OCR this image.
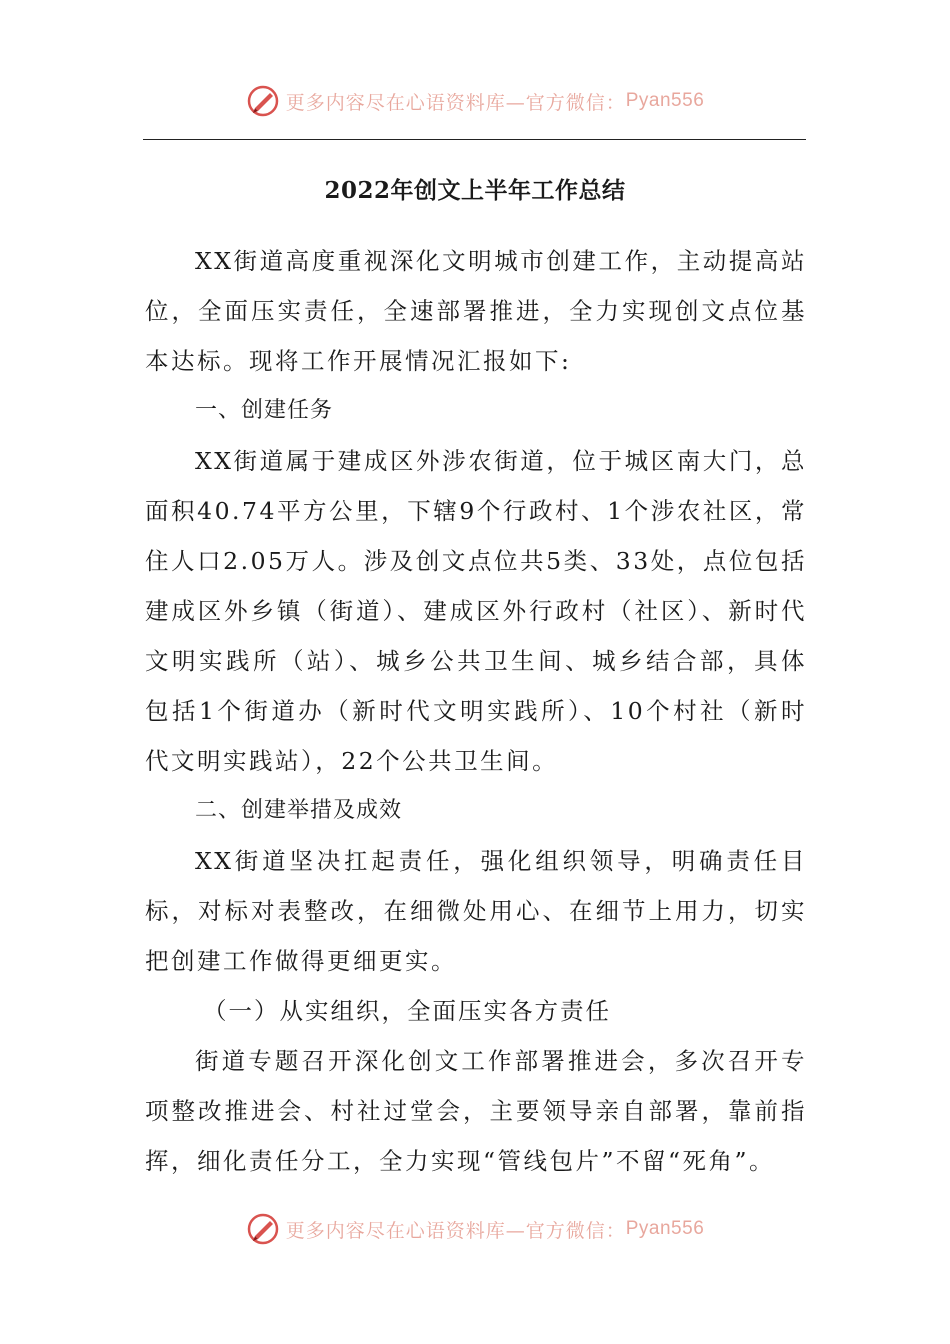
更多内容尽在心语资料库—官方微信： Pyan556
2022年创文上半年工作总结

XX街道高度重视深化文明城市创建工作，主动提高站位，全面压实责任，全速部署推进，全力实现创文点位基本达标。现将工作开展情况汇报如下:

一、创建任务

XX街道属于建成区外涉农街道，位于城区南大门，总面积40.74平方公里，下辖9个行政村、1个涉农社区，常住人口2.05万人。涉及创文点位共5类、33处，点位包括建成区外乡镇（街道）、建成区外行政村（社区）、新时代文明实践所（站）、城乡公共卫生间、城乡结合部，具体包括1个街道办（新时代文明实践所）、10个村社（新时代文明实践站），22个公共卫生间。

二、创建举措及成效

XX街道坚决扛起责任，强化组织领导，明确责任目标，对标对表整改，在细微处用心、在细节上用力，切实把创建工作做得更细更实。

（一）从实组织，全面压实各方责任

街道专题召开深化创文工作部署推进会，多次召开专项整改推进会、村社过堂会，主要领导亲自部署，靠前指挥，细化责任分工，全力实现“管线包片”不留“死角”。

更多内容尽在心语资料库—官方微信： Pyan556
